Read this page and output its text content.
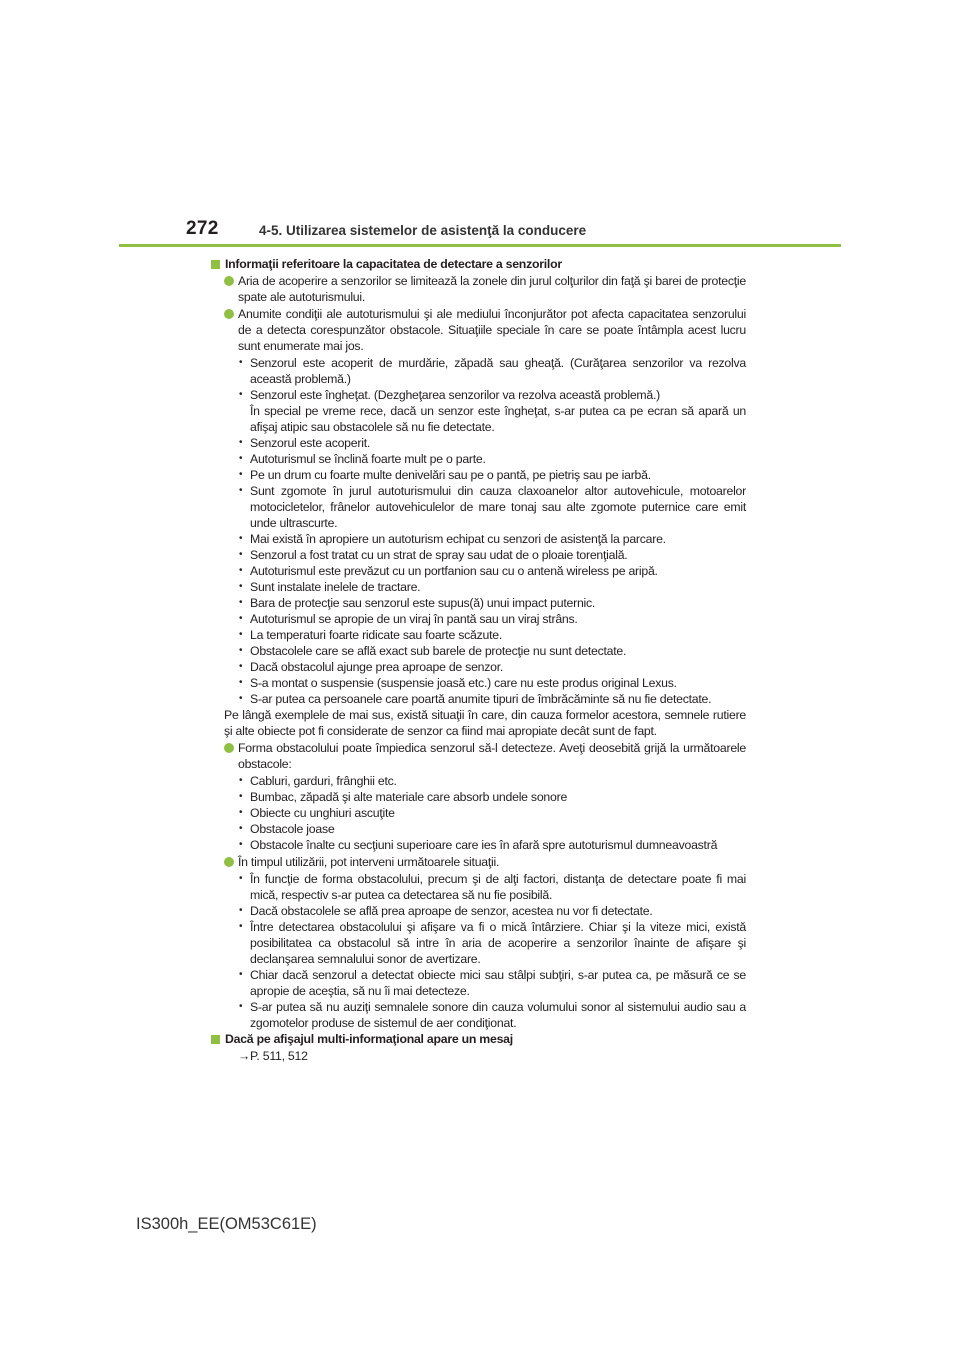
272	4-5. Utilizarea sistemelor de asistenţă la conducere
Informaţii referitoare la capacitatea de detectare a senzorilor
Aria de acoperire a senzorilor se limitează la zonele din jurul colţurilor din faţă şi barei de protecţie spate ale autoturismului.
Anumite condiţii ale autoturismului şi ale mediului înconjurător pot afecta capacitatea senzorului de a detecta corespunzător obstacole. Situaţiile speciale în care se poate întâmpla acest lucru sunt enumerate mai jos.
• Senzorul este acoperit de murdărie, zăpadă sau gheaţă. (Curăţarea senzorilor va rezolva această problemă.)
• Senzorul este îngheţat. (Dezgheţarea senzorilor va rezolva această problemă.)
În special pe vreme rece, dacă un senzor este îngheţat, s-ar putea ca pe ecran să apară un afişaj atipic sau obstacolele să nu fie detectate.
• Senzorul este acoperit.
• Autoturismul se înclină foarte mult pe o parte.
• Pe un drum cu foarte multe denivelări sau pe o pantă, pe pietriş sau pe iarbă.
• Sunt zgomote în jurul autoturismului din cauza claxoanelor altor autovehicule, motoarelor motocicletelor, frânelor autovehiculelor de mare tonaj sau alte zgomote puternice care emit unde ultrascurte.
• Mai există în apropiere un autoturism echipat cu senzori de asistenţă la parcare.
• Senzorul a fost tratat cu un strat de spray sau udat de o ploaie torenţială.
• Autoturismul este prevăzut cu un portfanion sau cu o antenă wireless pe aripă.
• Sunt instalate inelele de tractare.
• Bara de protecţie sau senzorul este supus(ă) unui impact puternic.
• Autoturismul se apropie de un viraj în pantă sau un viraj strâns.
• La temperaturi foarte ridicate sau foarte scăzute.
• Obstacolele care se află exact sub barele de protecţie nu sunt detectate.
• Dacă obstacolul ajunge prea aproape de senzor.
• S-a montat o suspensie (suspensie joasă etc.) care nu este produs original Lexus.
• S-ar putea ca persoanele care poartă anumite tipuri de îmbrăcăminte să nu fie detectate.

Pe lângă exemplele de mai sus, există situaţii în care, din cauza formelor acestora, semnele rutiere şi alte obiecte pot fi considerate de senzor ca fiind mai apropiate decât sunt de fapt.

Forma obstacolului poate împiedica senzorul să-l detecteze. Aveţi deosebită grijă la următoarele obstacole:
• Cabluri, garduri, frânghii etc.
• Bumbac, zăpadă şi alte materiale care absorb undele sonore
• Obiecte cu unghiuri ascuţite
• Obstacole joase
• Obstacole înalte cu secţiuni superioare care ies în afară spre autoturismul dumneavoastră
În timpul utilizării, pot interveni următoarele situaţii.
• În funcţie de forma obstacolului, precum şi de alţi factori, distanţa de detectare poate fi mai mică, respectiv s-ar putea ca detectarea să nu fie posibilă.
• Dacă obstacolele se află prea aproape de senzor, acestea nu vor fi detectate.
• Între detectarea obstacolului şi afişare va fi o mică întârziere. Chiar şi la viteze mici, există posibilitatea ca obstacolul să intre în aria de acoperire a senzorilor înainte de afişare şi declanşarea semnalului sonor de avertizare.
• Chiar dacă senzorul a detectat obiecte mici sau stâlpi subţiri, s-ar putea ca, pe măsură ce se apropie de aceştia, să nu îi mai detecteze.
• S-ar putea să nu auziţi semnalele sonore din cauza volumului sonor al sistemului audio sau a zgomotelor produse de sistemul de aer condiţionat.
Dacă pe afişajul multi-informaţional apare un mesaj

→P. 511, 512

IS300h_EE(OM53C61E)
